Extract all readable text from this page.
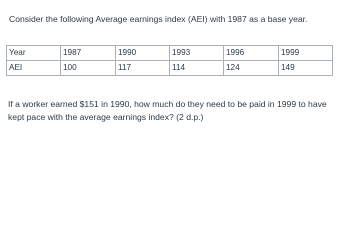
Consider the following Average earnings index (AEI) with 1987 as a base year.

Year	1987	1990	1993	1996	1999
AEI	100	117	114	124	149

If a worker earned $151 in 1990, how much do they need to be paid in 1999 to have kept pace with the average earnings index? (2 d.p.)
